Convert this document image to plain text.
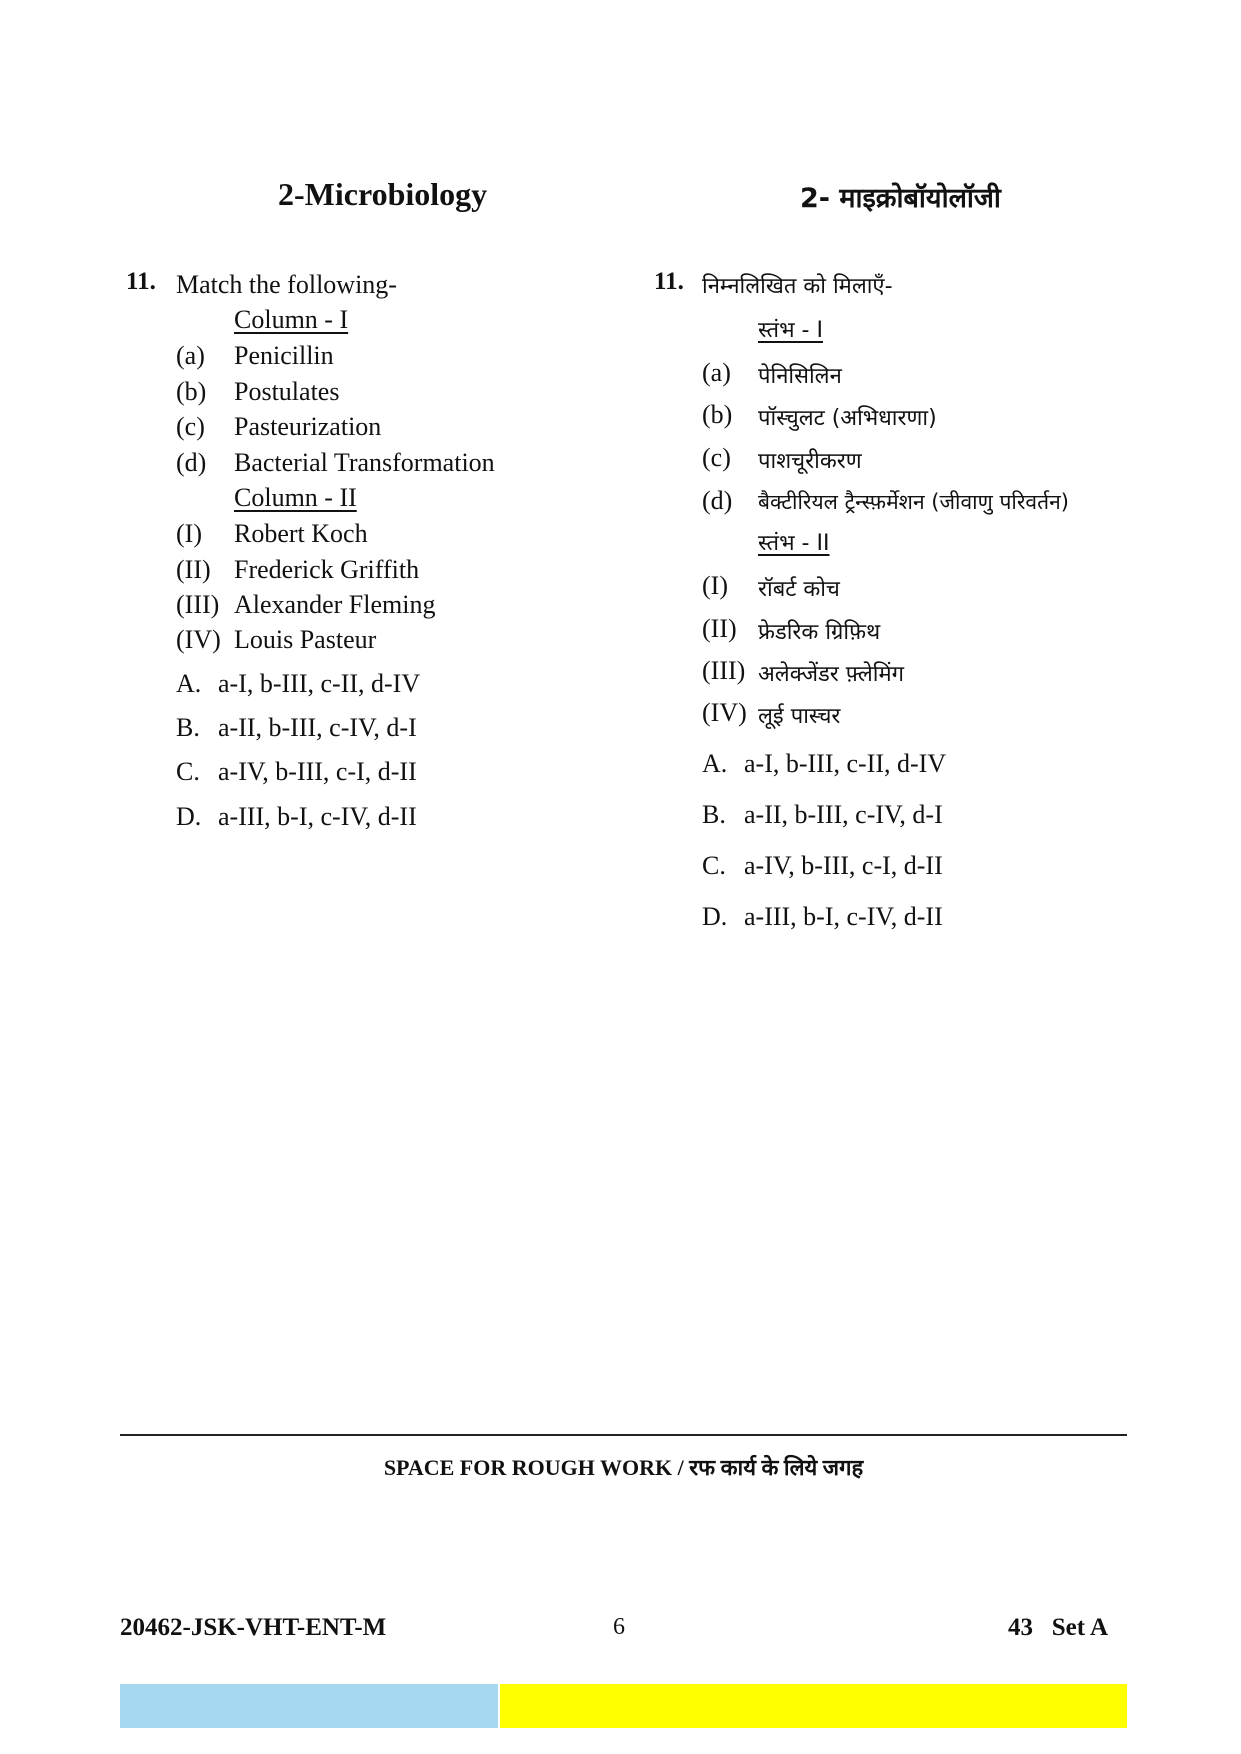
2-Microbiology
11. Match the following-
Column - I
(a) Penicillin
(b) Postulates
(c) Pasteurization
(d) Bacterial Transformation
Column - II
(I) Robert Koch
(II) Frederick Griffith
(III) Alexander Fleming
(IV) Louis Pasteur
A. a-I, b-III, c-II, d-IV
B. a-II, b-III, c-IV, d-I
C. a-IV, b-III, c-I, d-II
D. a-III, b-I, c-IV, d-II
2- माइक्रोबॉयोलॉजी
11. निम्नलिखित को मिलाएँ-
स्तंभ - I
(a) पेनिसिलिन
(b) पॉस्चुलट (अभिधारणा)
(c) पाशचूरीकरण
(d) बैक्टीरियल ट्रैन्स्फ़र्मेशन (जीवाणु परिवर्तन)
स्तंभ - II
(I) रॉबर्ट कोच
(II) फ्रेडरिक ग्रिफ़िथ
(III) अलेक्जेंडर फ़्लेमिंग
(IV) लूई पास्चर
A. a-I, b-III, c-II, d-IV
B. a-II, b-III, c-IV, d-I
C. a-IV, b-III, c-I, d-II
D. a-III, b-I, c-IV, d-II
SPACE FOR ROUGH WORK / रफ कार्य के लिये जगह
20462-JSK-VHT-ENT-M	6	43   Set A
